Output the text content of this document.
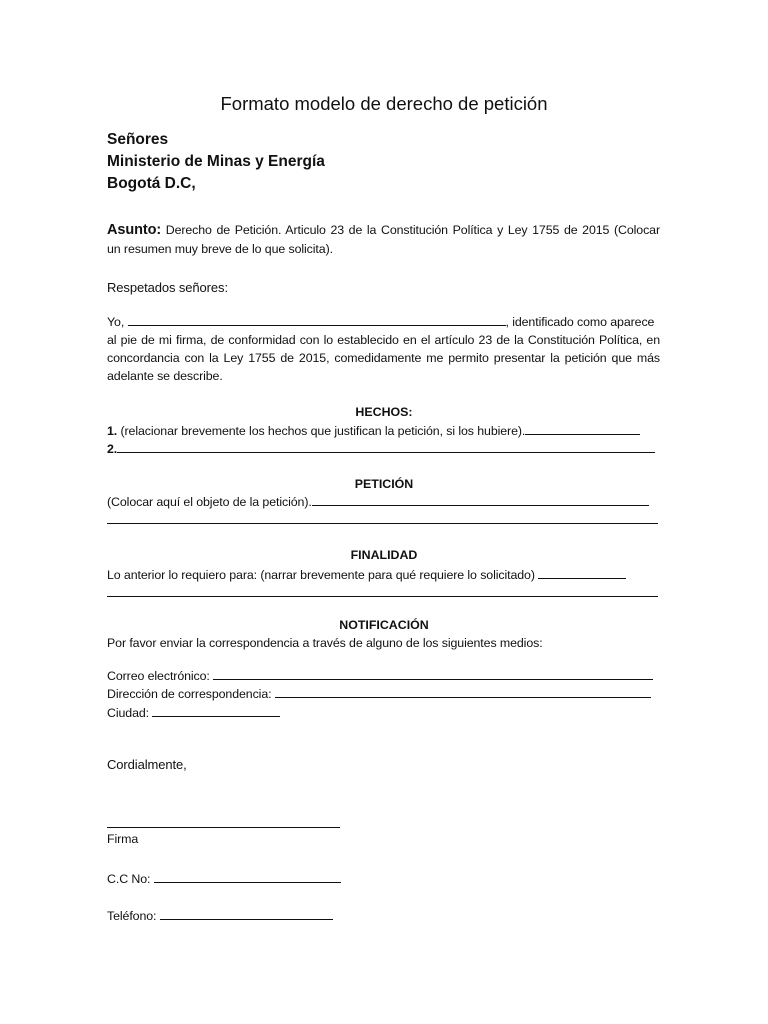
Formato modelo de derecho de petición
Señores
Ministerio de Minas y Energía
Bogotá D.C,
Asunto: Derecho de Petición. Articulo 23 de la Constitución Política y Ley 1755 de 2015 (Colocar
un resumen muy breve de lo que solicita).
Respetados señores:
Yo,	, identificado como aparece
al pie de mi firma, de conformidad con lo establecido en el artículo 23 de la Constitución Política, en
concordancia con la Ley 1755 de 2015, comedidamente me permito presentar la petición que más
adelante se describe.
HECHOS:
1. (relacionar brevemente los hechos que justifican la petición, si los hubiere).
2.
PETICIÓN
(Colocar aquí el objeto de la petición).
FINALIDAD
Lo anterior lo requiero para: (narrar brevemente para qué requiere lo solicitado)
NOTIFICACIÓN
Por favor enviar la correspondencia a través de alguno de los siguientes medios:
Correo electrónico:
Dirección de correspondencia:
Ciudad:
Cordialmente,
Firma
C.C No:
Teléfono:
